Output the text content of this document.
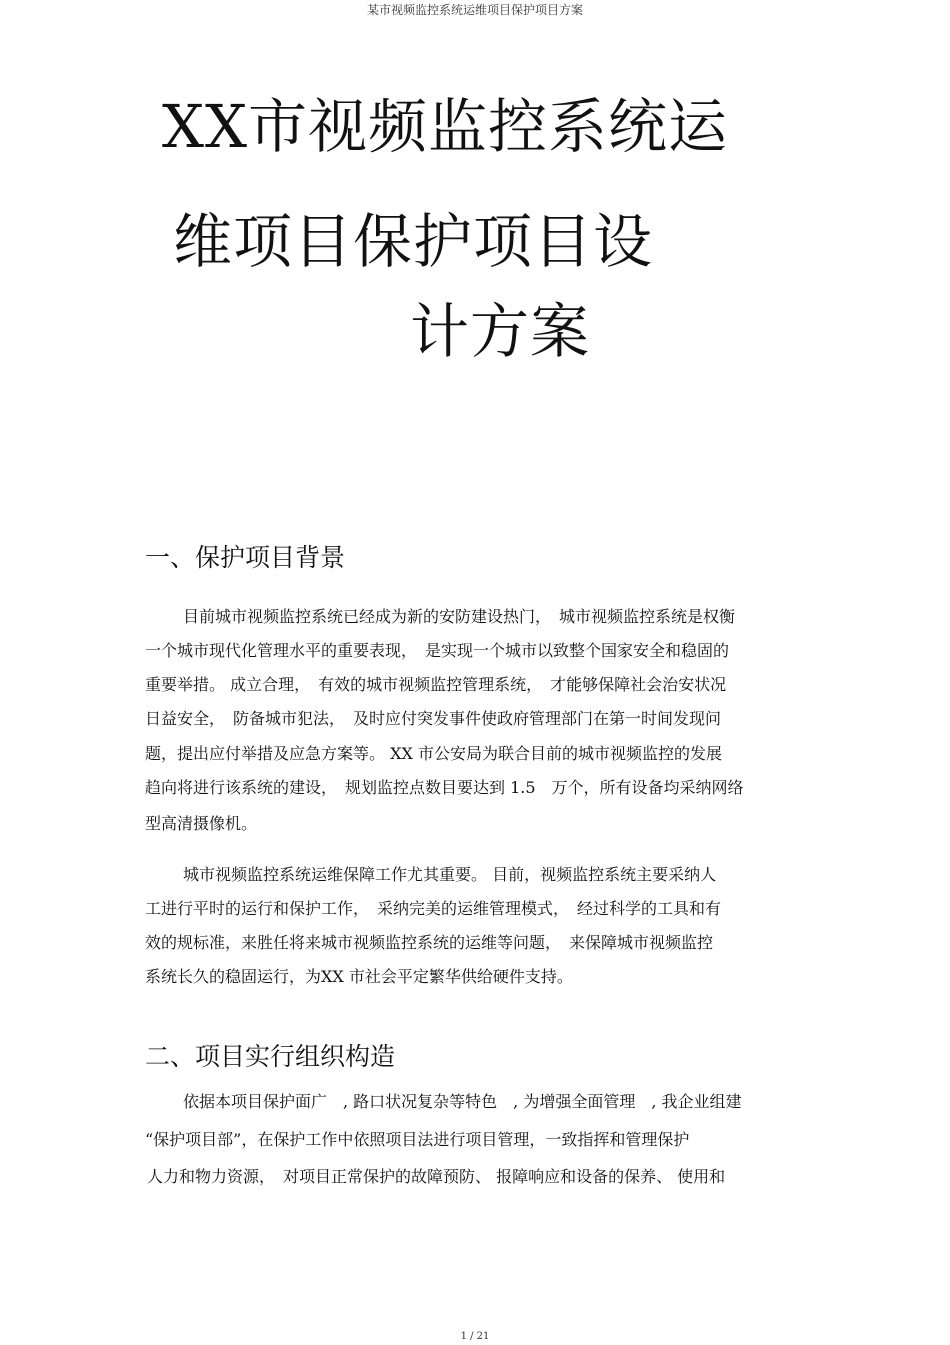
某市视频监控系统运维项目保护项目方案
XX市视频监控系统运
维项目保护项目设
计方案
一、保护项目背景
目前城市视频监控系统已经成为新的安防建设热门，　城市视频监控系统是权衡
一个城市现代化管理水平的重要表现，　是实现一个城市以致整个国家安全和稳固的
重要举措。 成立合理，　有效的城市视频监控管理系统，　才能够保障社会治安状况
日益安全，　防备城市犯法，　及时应付突发事件使政府管理部门在第一时间发现问
题，提出应付举措及应急方案等。 XX 市公安局为联合目前的城市视频监控的发展
趋向将进行该系统的建设，　规划监控点数目要达到 1.5　万个，所有设备均采纳网络
型高清摄像机。
城市视频监控系统运维保障工作尤其重要。 目前，视频监控系统主要采纳人
工进行平时的运行和保护工作，　采纳完美的运维管理模式，　经过科学的工具和有
效的规标准，来胜任将来城市视频监控系统的运维等问题，　来保障城市视频监控
系统长久的稳固运行，为XX 市社会平定繁华供给硬件支持。
二、项目实行组织构造
依据本项目保护面广　, 路口状况复杂等特色　, 为增强全面管理　, 我企业组建
“保护项目部”，在保护工作中依照项目法进行项目管理，一致指挥和管理保护
人力和物力资源，　对项目正常保护的故障预防、 报障响应和设备的保养、 使用和
1 / 21
